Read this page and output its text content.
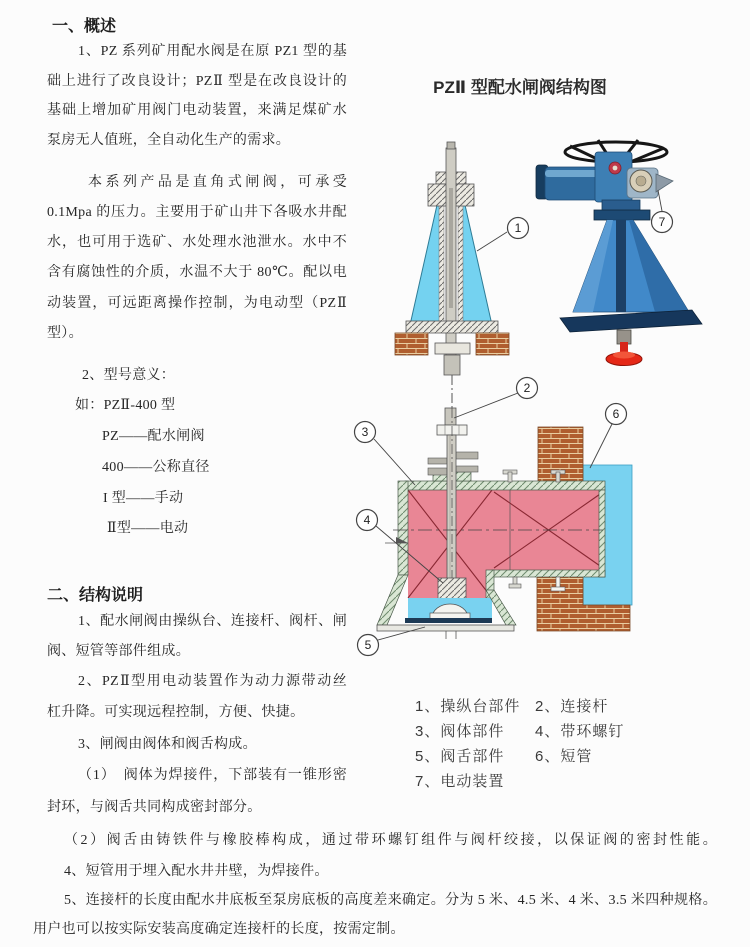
一、概述
1、PZ 系列矿用配水阀是在原 PZ1 型的基
础上进行了改良设计；PZⅡ 型是在改良设计的
基础上增加矿用阀门电动装置，来满足煤矿水
泵房无人值班，全自动化生产的需求。
本系列产品是直角式闸阀，可承受
0.1Mpa 的压力。主要用于矿山井下各吸水井配
水，也可用于选矿、水处理水池泄水。水中不
含有腐蚀性的介质，水温不大于 80℃。配以电
动装置，可远距离操作控制，为电动型（PZⅡ
型）。
2、型号意义：
如：PZⅡ-400 型
PZ——配水闸阀
400——公称直径
I 型——手动
Ⅱ型——电动
二、结构说明
1、配水闸阀由操纵台、连接杆、阀杆、闸
阀、短管等部件组成。
2、PZⅡ型用电动装置作为动力源带动丝
杠升降。可实现远程控制，方便、快捷。
3、闸阀由阀体和阀舌构成。
（1）　阀体为焊接件，下部装有一锥形密
封环，与阀舌共同构成密封部分。
（2）阀舌由铸铁件与橡胶棒构成，通过带环螺钉组件与阀杆绞接，以保证阀的密封性能。
4、短管用于埋入配水井井壁，为焊接件。
5、连接杆的长度由配水井底板至泵房底板的高度差来确定。分为 5 米、4.5 米、4 米、3.5 米四种规格。
用户也可以按实际安装高度确定连接杆的长度，按需定制。
PZⅡ 型配水闸阀结构图
1、操纵台部件 2、连接杆
3、阀体部件 4、带环螺钉
5、阀舌部件 6、短管
7、电动装置
1
2
3
4
5
6
7
